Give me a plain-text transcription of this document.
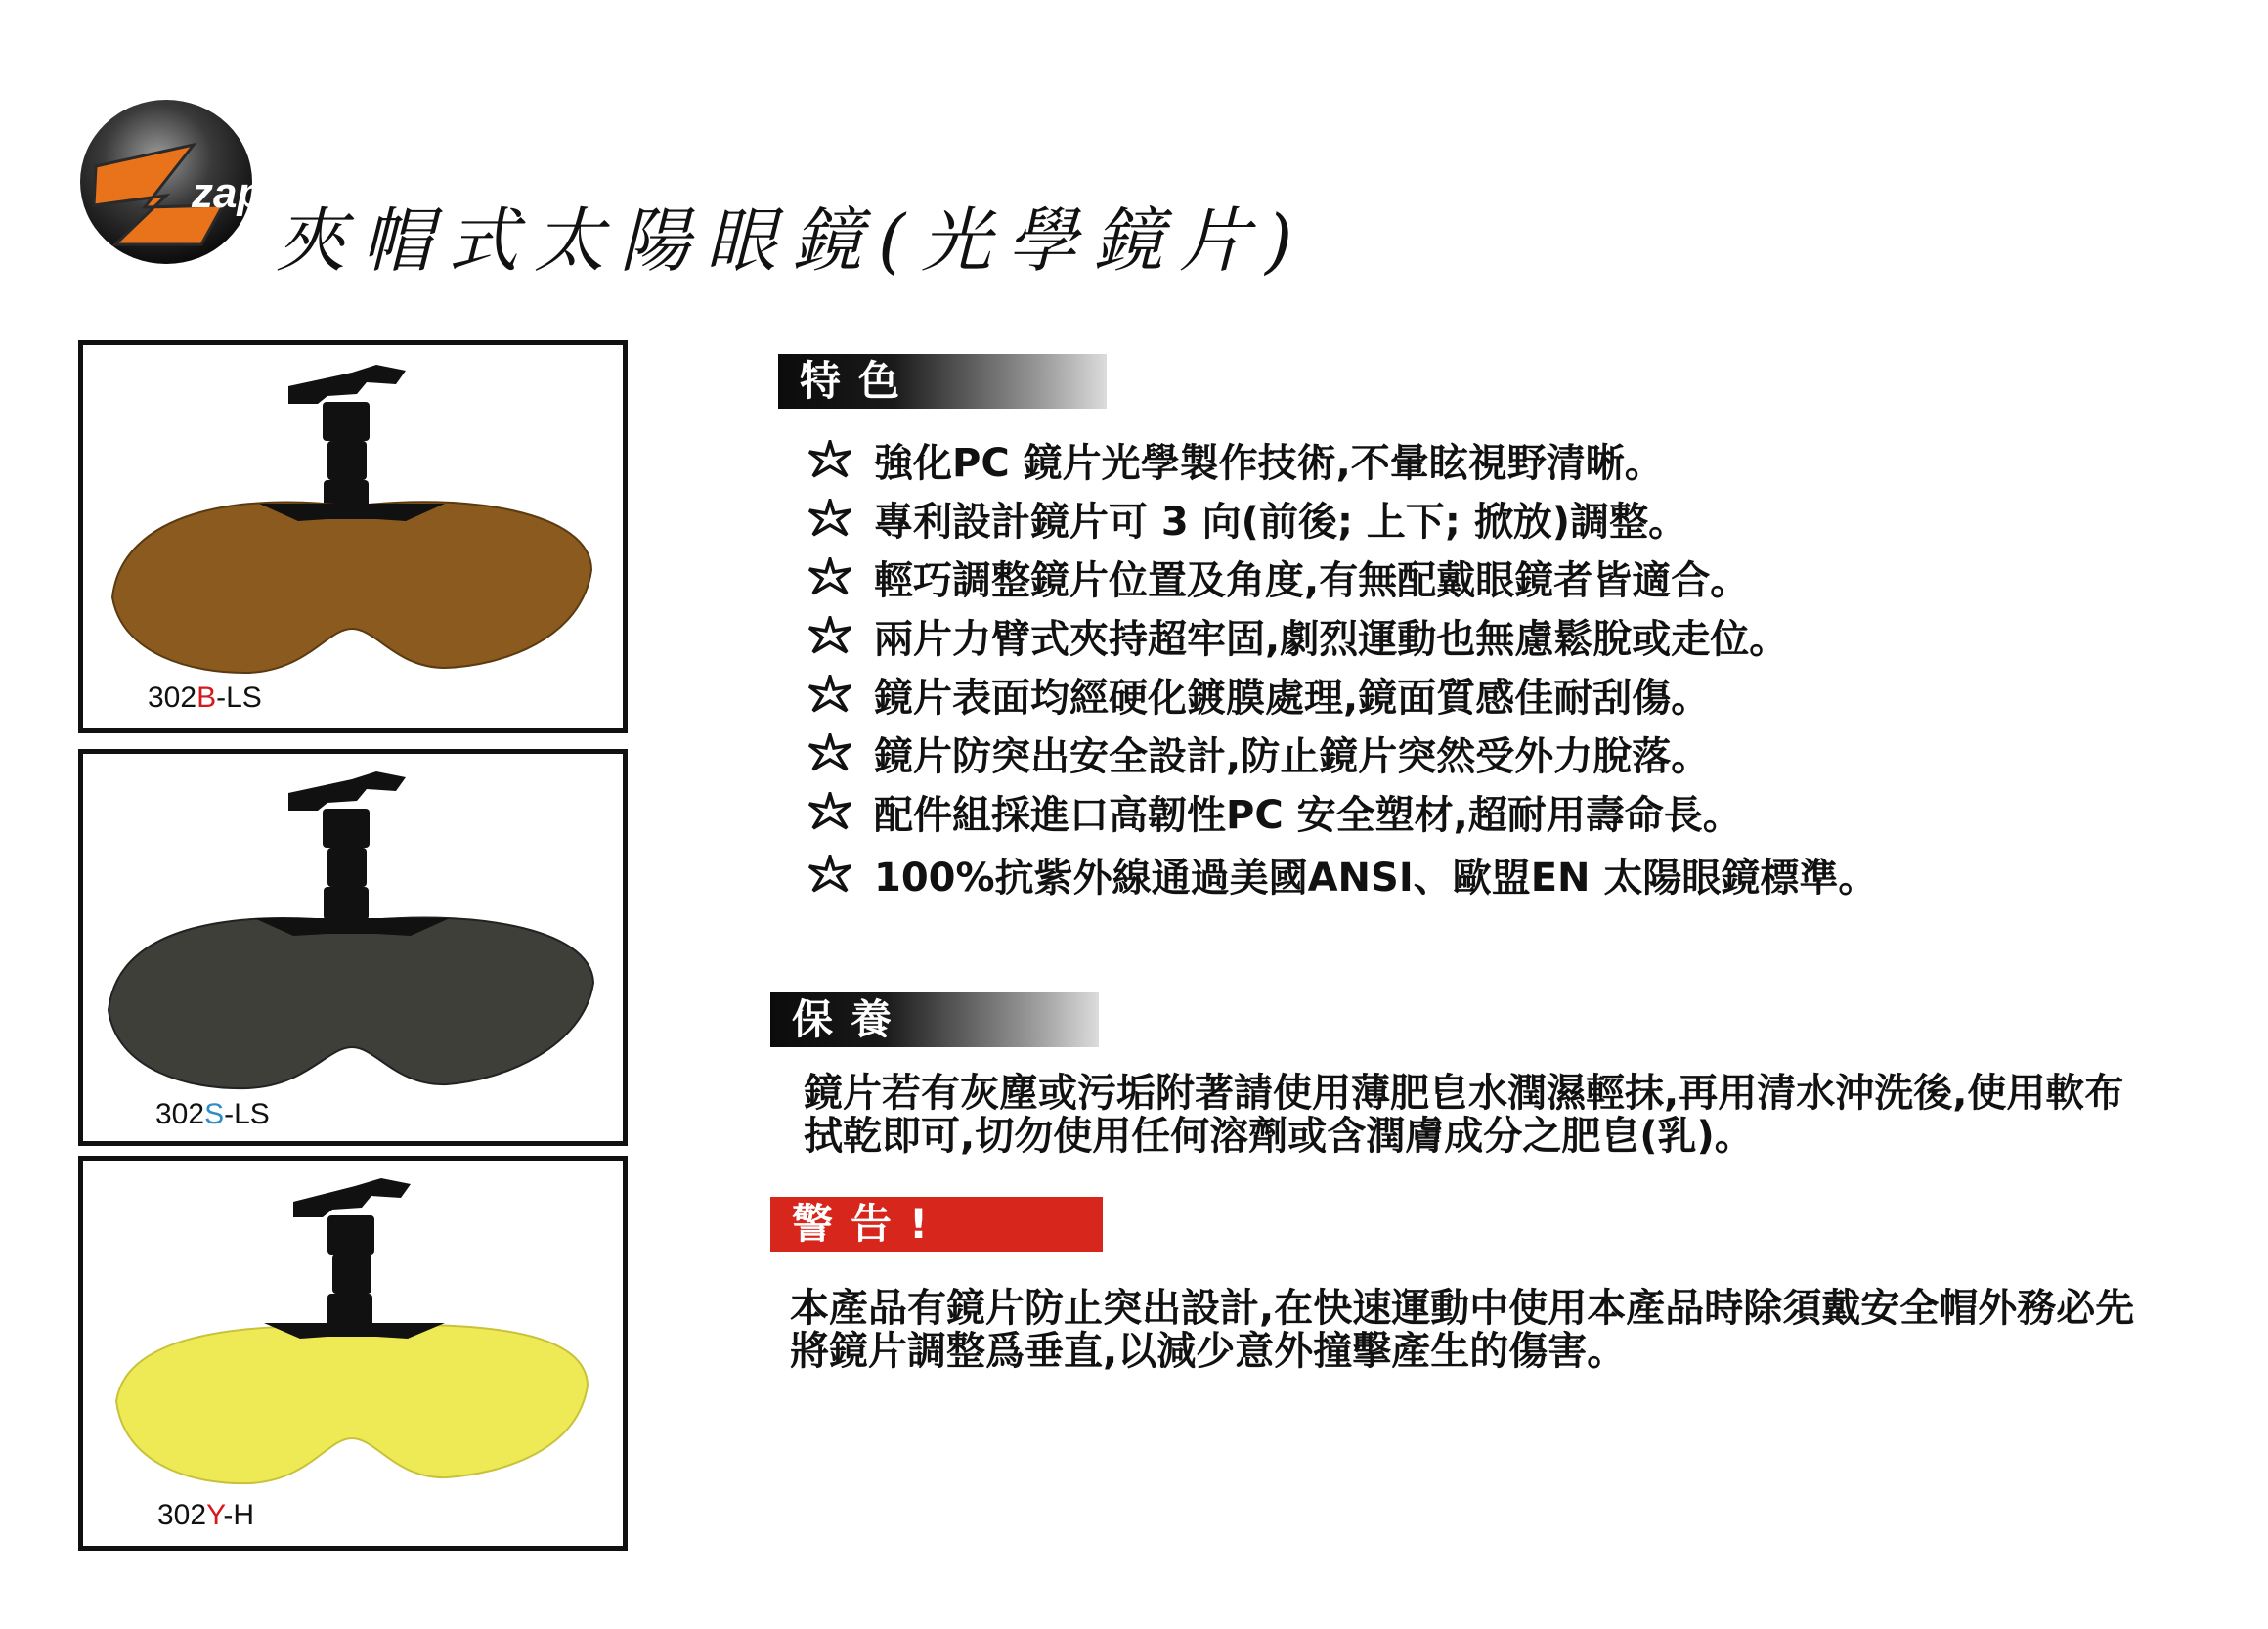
zap
夾帽式太陽眼鏡(光學鏡片)
302B-LS
302S-LS
302Y-H
特色
強化PC 鏡片光學製作技術,不暈眩視野清晰。
專利設計鏡片可 3 向(前後; 上下; 掀放)調整。
輕巧調整鏡片位置及角度,有無配戴眼鏡者皆適合。
兩片力臂式夾持超牢固,劇烈運動也無慮鬆脫或走位。
鏡片表面均經硬化鍍膜處理,鏡面質感佳耐刮傷。
鏡片防突出安全設計,防止鏡片突然受外力脫落。
配件組採進口高韌性PC 安全塑材,超耐用壽命長。
100%抗紫外線通過美國ANSI、歐盟EN 太陽眼鏡標準。
保養
鏡片若有灰塵或污垢附著請使用薄肥皀水潤濕輕抹,再用清水沖洗後,使用軟布拭乾即可,切勿使用任何溶劑或含潤膚成分之肥皀(乳)。
警告!
本產品有鏡片防止突出設計,在快速運動中使用本產品時除須戴安全帽外務必先將鏡片調整爲垂直,以減少意外撞擊產生的傷害。
